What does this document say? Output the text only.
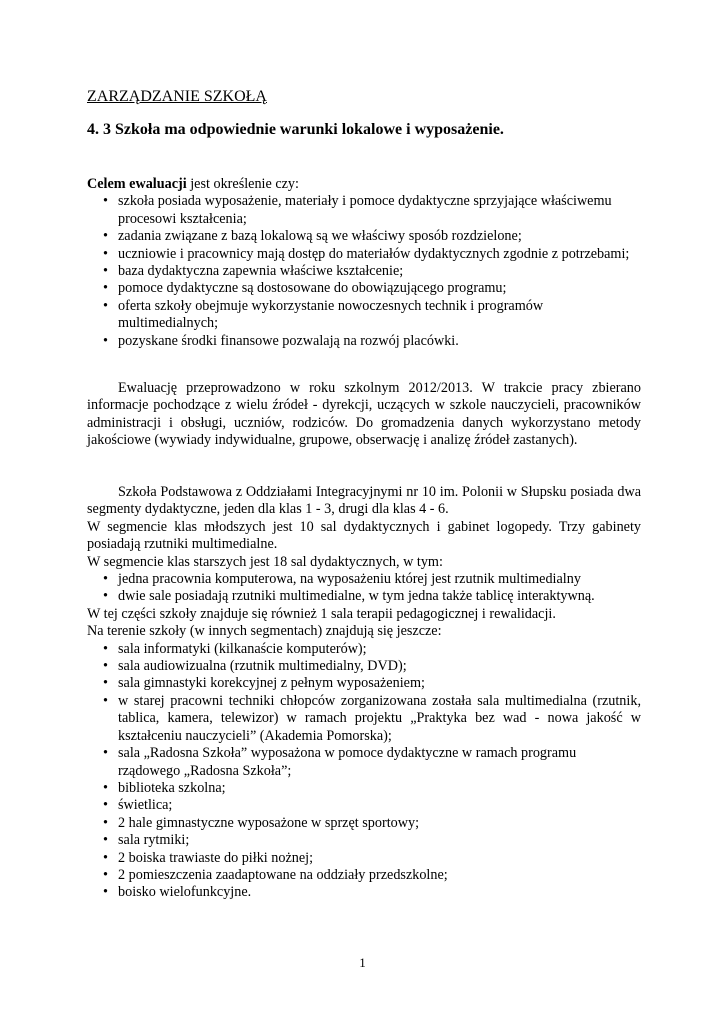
ZARZĄDZANIE SZKOŁĄ
4. 3 Szkoła ma odpowiednie warunki lokalowe i wyposażenie.

Celem ewaluacji jest określenie czy:

• szkoła posiada wyposażenie, materiały i pomoce dydaktyczne sprzyjające właściwemu procesowi kształcenia;
• zadania związane z bazą lokalową są we właściwy sposób rozdzielone;
• uczniowie i pracownicy mają dostęp do materiałów dydaktycznych zgodnie z potrzebami;
• baza dydaktyczna zapewnia właściwe kształcenie;
• pomoce dydaktyczne są dostosowane do obowiązującego programu;
• oferta szkoły obejmuje wykorzystanie nowoczesnych technik i programów multimedialnych;
• pozyskane środki finansowe pozwalają na rozwój placówki.

Ewaluację przeprowadzono w roku szkolnym 2012/2013. W trakcie pracy zbierano informacje pochodzące z wielu źródeł - dyrekcji, uczących w szkole nauczycieli, pracowników administracji i obsługi, uczniów, rodziców. Do gromadzenia danych wykorzystano metody jakościowe (wywiady indywidualne, grupowe, obserwację i analizę źródeł zastanych).

Szkoła Podstawowa z Oddziałami Integracyjnymi nr 10 im. Polonii w Słupsku posiada dwa segmenty dydaktyczne, jeden dla klas 1 - 3, drugi dla klas 4 - 6.

W segmencie klas młodszych jest 10 sal dydaktycznych i gabinet logopedy. Trzy gabinety posiadają rzutniki multimedialne.

W segmencie klas starszych jest 18 sal dydaktycznych, w tym:

• jedna pracownia komputerowa, na wyposażeniu której jest rzutnik multimedialny
• dwie sale posiadają rzutniki multimedialne, w tym jedna także tablicę interaktywną.

W tej części szkoły znajduje się również 1 sala terapii pedagogicznej i rewalidacji.

Na terenie szkoły (w innych segmentach) znajdują się jeszcze:

• sala informatyki (kilkanaście komputerów);
• sala audiowizualna (rzutnik multimedialny, DVD);
• sala gimnastyki korekcyjnej z pełnym wyposażeniem;
• w starej pracowni techniki chłopców zorganizowana została sala multimedialna (rzutnik, tablica, kamera, telewizor) w ramach projektu „Praktyka bez wad - nowa jakość w kształceniu nauczycieli” (Akademia Pomorska);
• sala „Radosna Szkoła” wyposażona w pomoce dydaktyczne w ramach programu rządowego „Radosna Szkoła”;
• biblioteka szkolna;
• świetlica;
• 2 hale gimnastyczne wyposażone w sprzęt sportowy;
• sala rytmiki;
• 2 boiska trawiaste do piłki nożnej;
• 2 pomieszczenia zaadaptowane na oddziały przedszkolne;
• boisko wielofunkcyjne.
1
